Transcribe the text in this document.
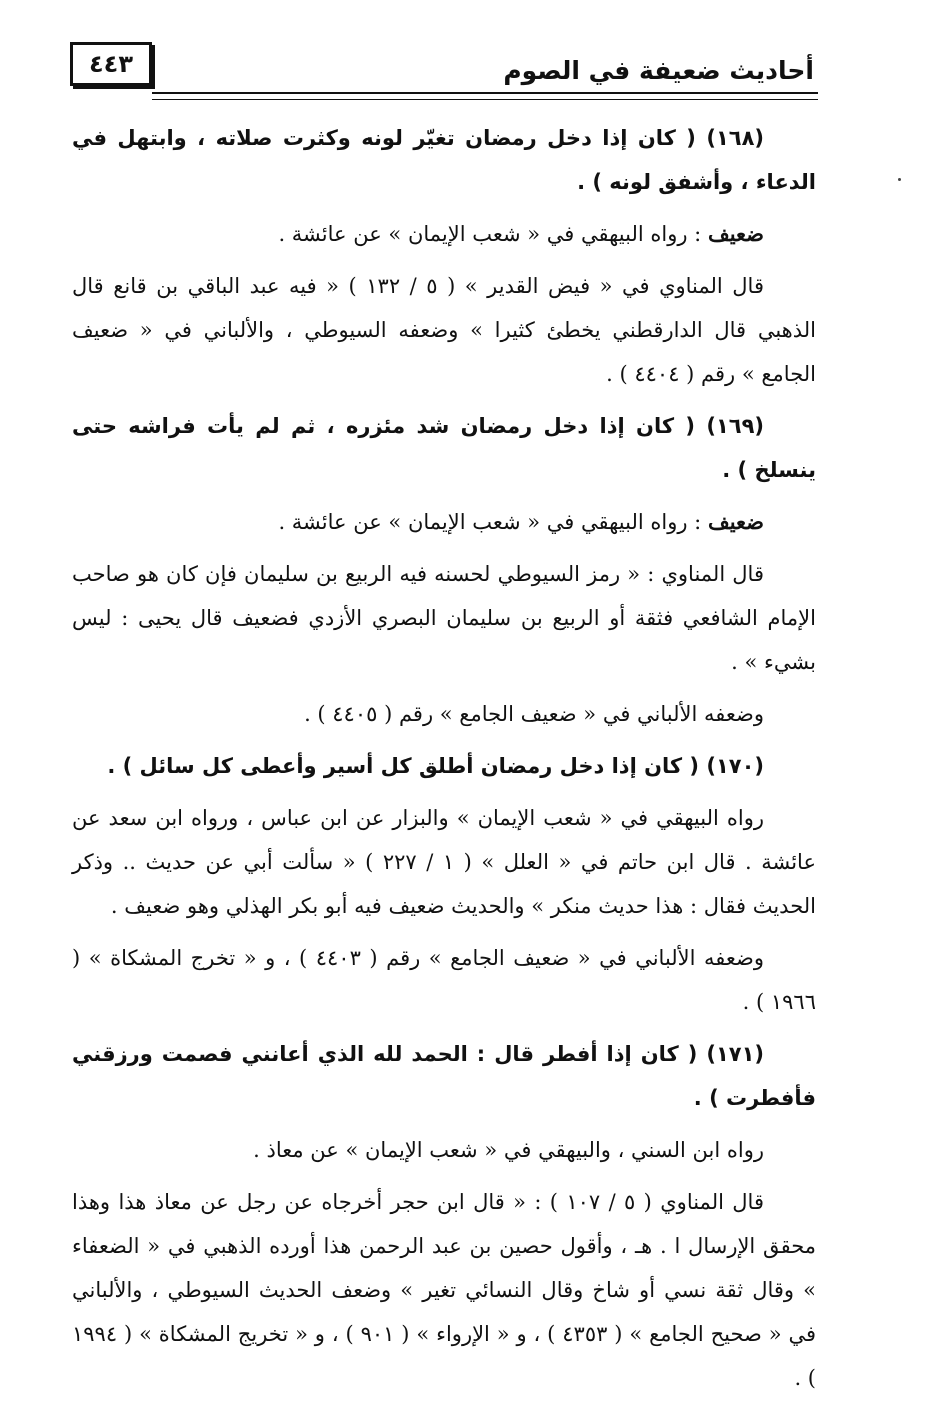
٤٤٣	أحاديث ضعيفة في الصوم

(١٦٨) ( كان إذا دخل رمضان تغيّر لونه وكثرت صلاته ، وابتهل في الدعاء ، وأشفق لونه ) .

ضعيف : رواه البيهقي في « شعب الإيمان » عن عائشة .

قال المناوي في « فيض القدير » ( ٥ / ١٣٢ ) « فيه عبد الباقي بن قانع قال الذهبي قال الدارقطني يخطئ كثيرا » وضعفه السيوطي ، والألباني في « ضعيف الجامع » رقم ( ٤٤٠٤ ) .

(١٦٩) ( كان إذا دخل رمضان شد مئزره ، ثم لم يأت فراشه حتى ينسلخ ) .

ضعيف : رواه البيهقي في « شعب الإيمان » عن عائشة .

قال المناوي : « رمز السيوطي لحسنه فيه الربيع بن سليمان فإن كان هو صاحب الإمام الشافعي فثقة أو الربيع بن سليمان البصري الأزدي فضعيف قال يحيى : ليس بشيء » .

وضعفه الألباني في « ضعيف الجامع » رقم ( ٤٤٠٥ ) .

(١٧٠) ( كان إذا دخل رمضان أطلق كل أسير وأعطى كل سائل ) .

رواه البيهقي في « شعب الإيمان » والبزار عن ابن عباس ، ورواه ابن سعد عن عائشة . قال ابن حاتم في « العلل » ( ١ / ٢٢٧ ) « سألت أبي عن حديث .. وذكر الحديث فقال : هذا حديث منكر » والحديث ضعيف فيه أبو بكر الهذلي وهو ضعيف .

وضعفه الألباني في « ضعيف الجامع » رقم ( ٤٤٠٣ ) ، و « تخرج المشكاة » ( ١٩٦٦ ) .

(١٧١) ( كان إذا أفطر قال : الحمد لله الذي أعانني فصمت ورزقني فأفطرت ) .

رواه ابن السني ، والبيهقي في « شعب الإيمان » عن معاذ .

قال المناوي ( ٥ / ١٠٧ ) : « قال ابن حجر أخرجاه عن رجل عن معاذ هذا وهذا محقق الإرسال ا . هـ ، وأقول حصين بن عبد الرحمن هذا أورده الذهبي في « الضعفاء » وقال ثقة نسي أو شاخ وقال النسائي تغير » وضعف الحديث السيوطي ، والألباني في « صحيح الجامع » ( ٤٣٥٣ ) ، و « الإرواء » ( ٩٠١ ) ، و « تخريج المشكاة » ( ١٩٩٤ ) .
